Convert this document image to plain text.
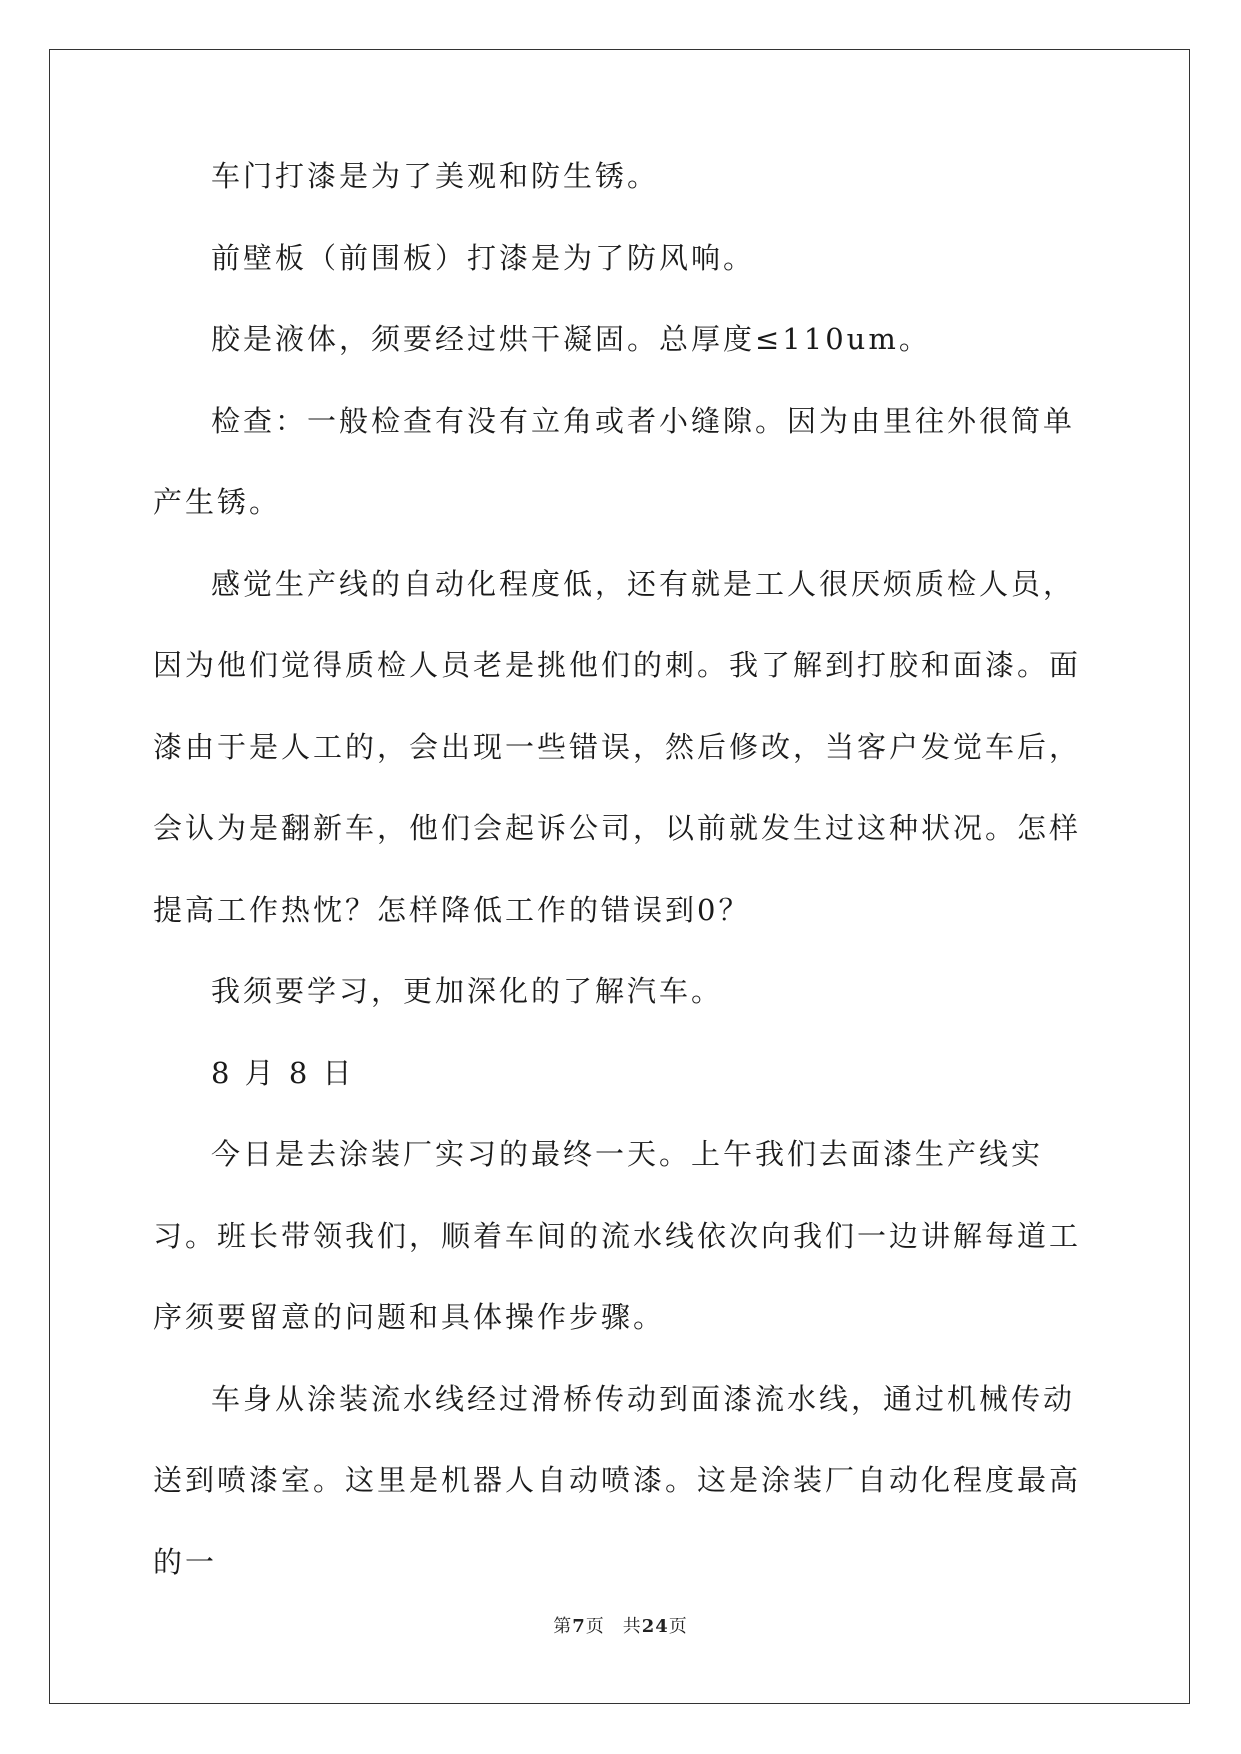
车门打漆是为了美观和防生锈。

前壁板（前围板）打漆是为了防风响。

胶是液体，须要经过烘干凝固。总厚度≤110um。

检查：一般检查有没有立角或者小缝隙。因为由里往外很简单产生锈。

感觉生产线的自动化程度低，还有就是工人很厌烦质检人员，因为他们觉得质检人员老是挑他们的刺。我了解到打胶和面漆。面漆由于是人工的，会出现一些错误，然后修改，当客户发觉车后，会认为是翻新车，他们会起诉公司，以前就发生过这种状况。怎样提高工作热忱？怎样降低工作的错误到0？

我须要学习，更加深化的了解汽车。

8 月 8 日

今日是去涂装厂实习的最终一天。上午我们去面漆生产线实习。班长带领我们，顺着车间的流水线依次向我们一边讲解每道工序须要留意的问题和具体操作步骤。

车身从涂装流水线经过滑桥传动到面漆流水线，通过机械传动送到喷漆室。这里是机器人自动喷漆。这是涂装厂自动化程度最高的一

第7页 共24页
